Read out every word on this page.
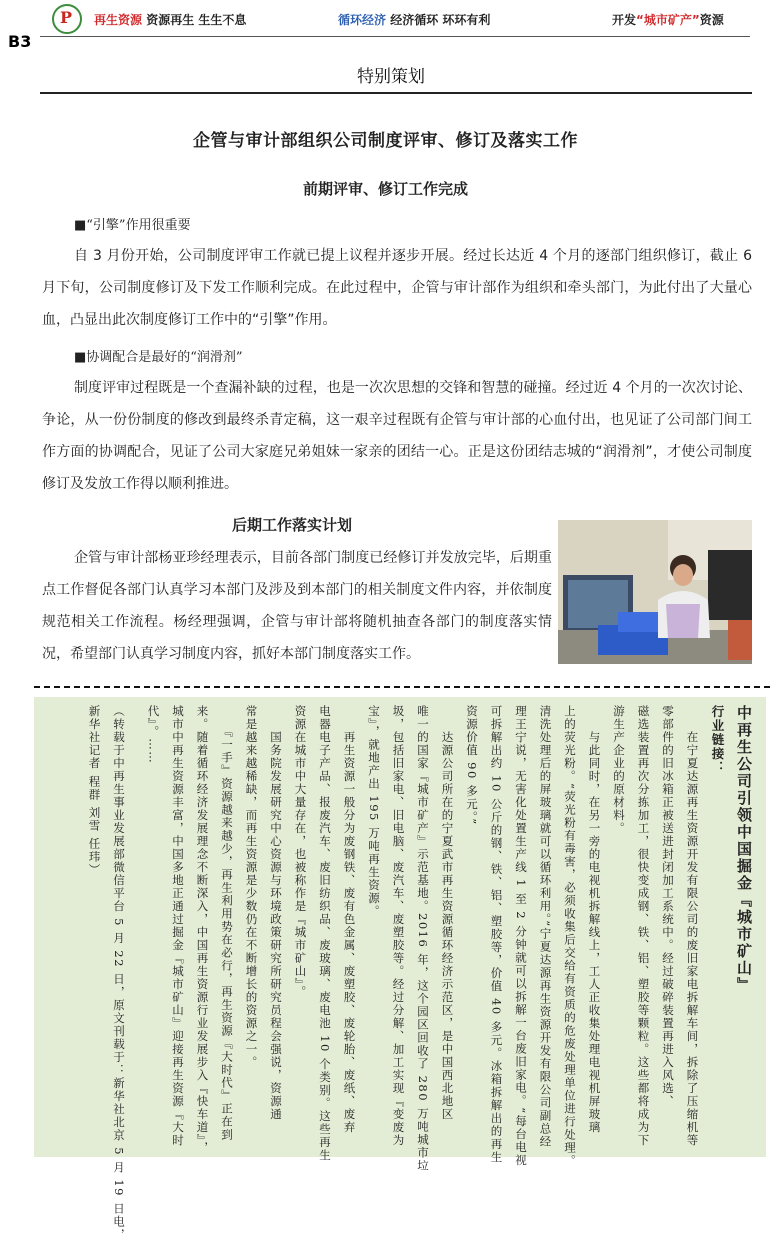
P 再生资源 资源再生 生生不息	循环经济 经济循环 环环有利	开发“城市矿产”资源
B3
特别策划
企管与审计部组织公司制度评审、修订及落实工作
前期评审、修订工作完成
■“引擎”作用很重要
自 3 月份开始，公司制度评审工作就已提上议程并逐步开展。经过长达近 4 个月的逐部门组织修订，截止 6 月下旬，公司制度修订及下发工作顺利完成。在此过程中，企管与审计部作为组织和牵头部门，为此付出了大量心血，凸显出此次制度修订工作中的“引擎”作用。
■协调配合是最好的“润滑剂”
制度评审过程既是一个查漏补缺的过程，也是一次次思想的交锋和智慧的碰撞。经过近 4 个月的一次次讨论、争论，从一份份制度的修改到最终杀青定稿，这一艰辛过程既有企管与审计部的心血付出，也见证了公司部门间工作方面的协调配合，见证了公司大家庭兄弟姐妹一家亲的团结一心。正是这份团结志城的“润滑剂”，才使公司制度修订及发放工作得以顺利推进。
后期工作落实计划
企管与审计部杨亚珍经理表示，目前各部门制度已经修订并发放完毕，后期重点工作督促各部门认真学习本部门及涉及到本部门的相关制度文件内容，并依制度规范相关工作流程。杨经理强调，企管与审计部将随机抽查各部门的制度落实情况，希望部门认真学习制度内容，抓好本部门制度落实工作。
中再生公司引领中国掘金『城市矿山』
行业链接：
　　在宁夏达源再生资源开发有限公司的废旧家电拆解车间，拆除了压缩机等
零部件的旧冰箱正被送进封闭加工系统中。经过破碎装置再进入风选、
磁选装置再次分拣加工，很快变成钢、铁、铝、塑胶等颗粒。这些都将成为下
游生产企业的原材料。
　　与此同时，在另一旁的电视机拆解线上，工人正收集处理电视机屏玻璃
上的荧光粉。“荧光粉有毒害，必须收集后交给有资质的危废处理单位进行处理。
清洗处理后的屏玻璃就可以循环利用。”宁夏达源再生资源开发有限公司副总经
理王宁说，无害化处置生产线 1 至 2 分钟就可以拆解一台废旧家电。“每台电视
可拆解出约 10 公斤的钢、铁、铝、塑胶等，价值 40 多元。冰箱拆解出的再生
资源价值 90 多元。”
　　达源公司所在的宁夏武市再生资源循环经济示范区，是中国西北地区
唯一的国家『城市矿产』示范基地。2016 年，这个园区回收了 280 万吨城市垃
圾，包括旧家电、旧电脑、废汽车、废塑胶等。经过分解、加工实现『变废为
宝』，就地产出 195 万吨再生资源。
　　再生资源一般分为废钢铁、废有色金属、废塑胶、废轮胎、废纸、废弃
电器电子产品、报废汽车、废旧纺织品、废玻璃、废电池 10 个类别。这些再生
资源在城市中大量存在，也被称作是『城市矿山』。
　　国务院发展研究中心资源与环境政策研究所研究员程会强说，资源通
常是越来越稀缺，而再生资源是少数仍在不断增长的资源之一。
　　『一手』资源越来越少，再生利用势在必行，再生资源『大时代』正在到
来。随着循环经济发展理念不断深入，中国再生资源行业发展步入『快车道』，
城市中再生资源丰富，中国多地正通过掘金『城市矿山』迎接再生资源『大时
代』。……
（转载于中再生事业发展部微信平台 5 月 22 日，原文刊载于：新华社北京 5 月 19 日电，
新华社记者 程群 刘雪 任玮）
